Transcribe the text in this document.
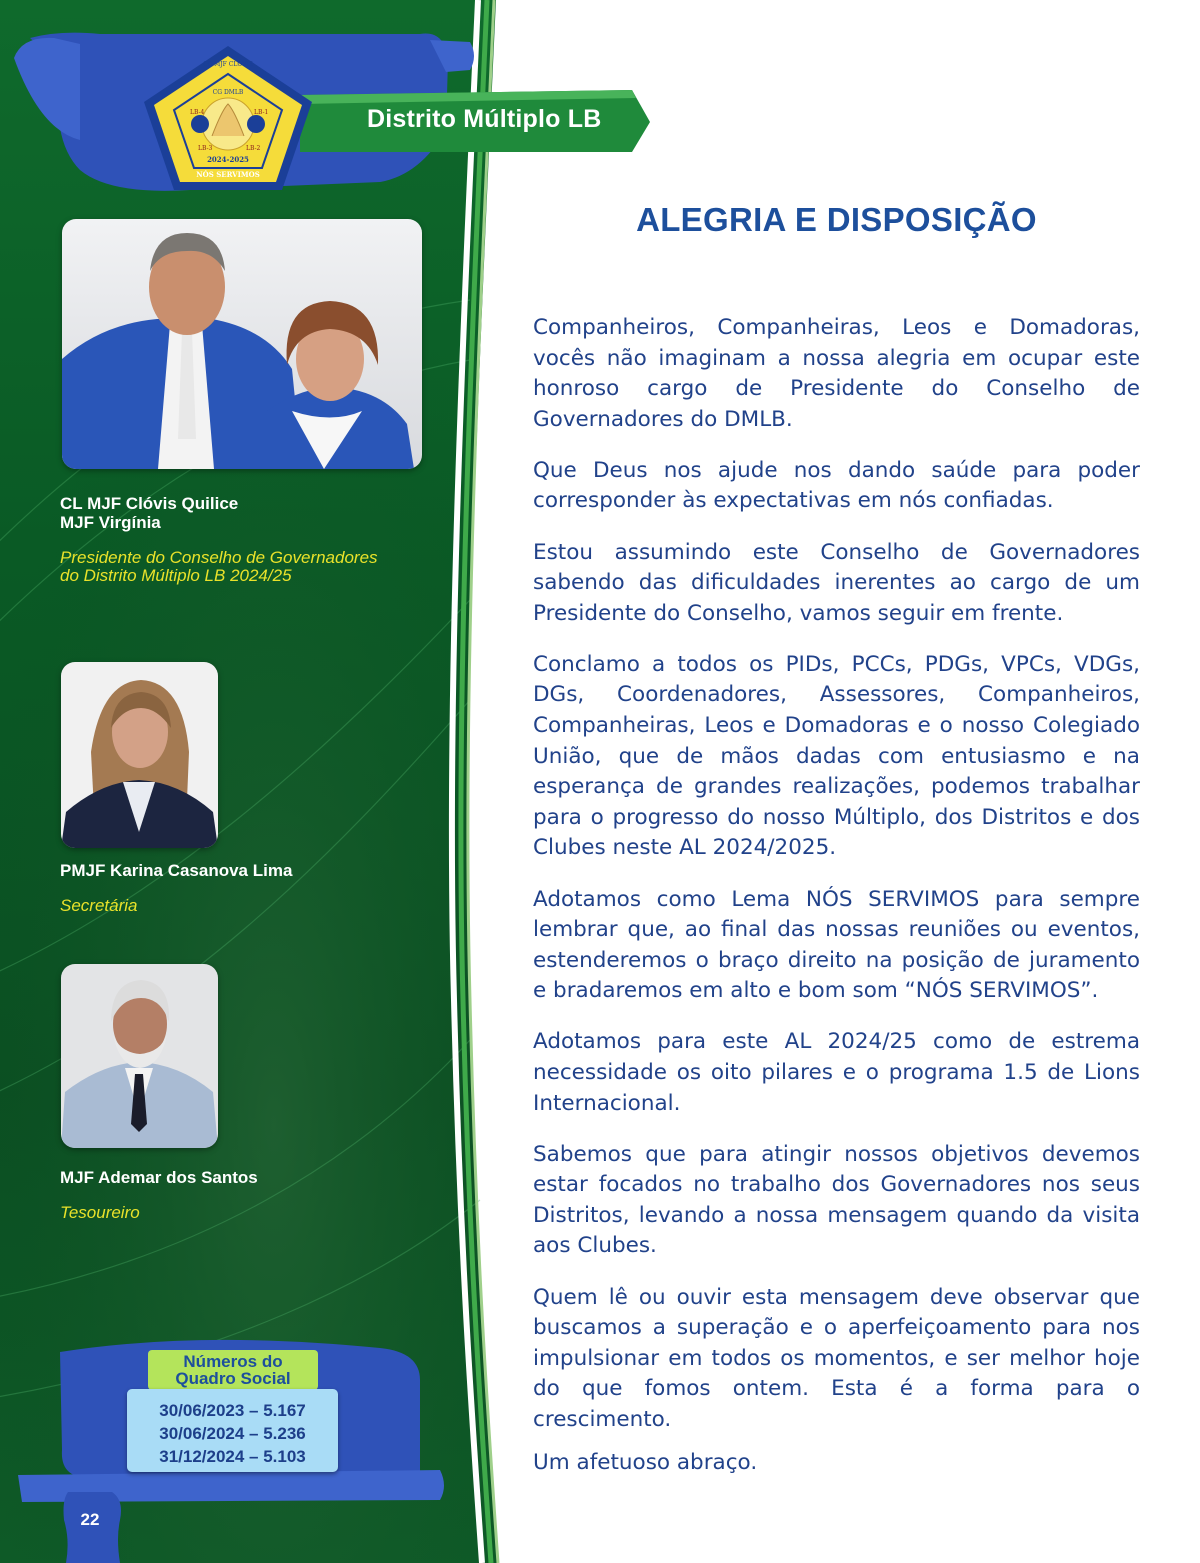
CC MJF CLÓVIS
2024-2025
NÓS SERVIMOS
CG DMLB
LB-4	LB-1
LB-3	LB-2
Distrito Múltiplo LB
CL MJF Clóvis Quilice
MJF Virgínia
Presidente do Conselho de Governadores
do Distrito Múltiplo LB 2024/25
PMJF Karina Casanova Lima
Secretária
MJF Ademar dos Santos
Tesoureiro
Números do
Quadro Social
30/06/2023 – 5.167
30/06/2024 – 5.236
31/12/2024 – 5.103
22
ALEGRIA E DISPOSIÇÃO

Companheiros, Companheiras, Leos e Domadoras, vocês não imaginam a nossa alegria em ocupar este honroso cargo de Presidente do Conselho de Governadores do DMLB.

Que Deus nos ajude nos dando saúde para poder corresponder às expectativas em nós confiadas.

Estou assumindo este Conselho de Governadores sabendo das dificuldades inerentes ao cargo de um Presidente do Conselho, vamos seguir em frente.

Conclamo a todos os PIDs, PCCs, PDGs, VPCs, VDGs, DGs, Coordenadores, Assessores, Companheiros, Companheiras, Leos e Domadoras e o nosso Colegiado União, que de mãos dadas com entusiasmo e na esperança de grandes realizações, podemos trabalhar para o progresso do nosso Múltiplo, dos Distritos e dos Clubes neste AL 2024/2025.

Adotamos como Lema NÓS SERVIMOS para sempre lembrar que, ao final das nossas reuniões ou eventos, estenderemos o braço direito na posição de juramento e bradaremos em alto e bom som “NÓS SERVIMOS”.

Adotamos para este AL 2024/25 como de estrema necessidade os oito pilares e o programa 1.5 de Lions Internacional.

Sabemos que para atingir nossos objetivos devemos estar focados no trabalho dos Governadores nos seus Distritos, levando a nossa mensagem quando da visita aos Clubes.

Quem lê ou ouvir esta mensagem deve observar que buscamos a superação e o aperfeiçoamento para nos impulsionar em todos os momentos, e ser melhor hoje do que fomos ontem. Esta é a forma para o crescimento.

Um afetuoso abraço.
